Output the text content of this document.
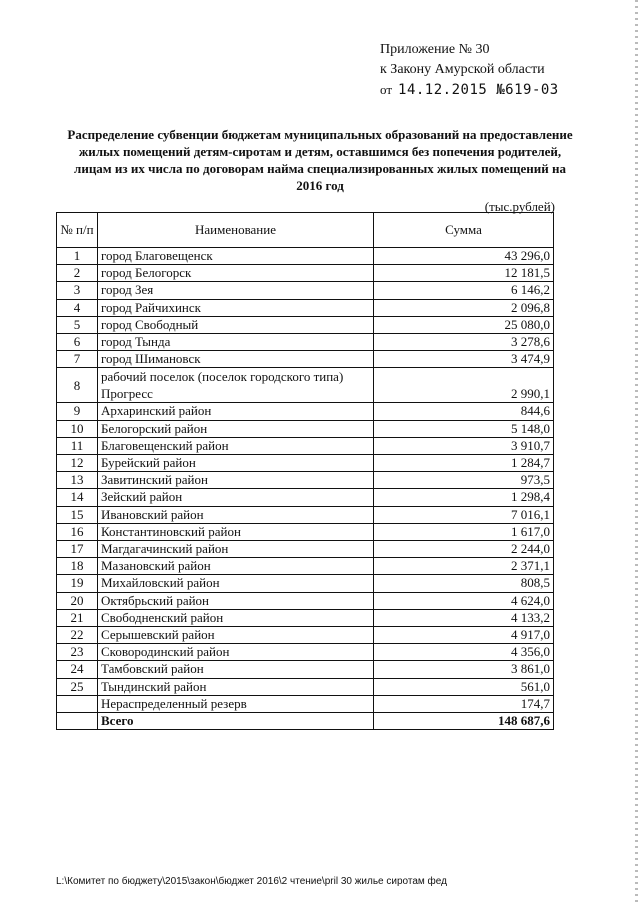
Приложение № 30
к Закону Амурской области
от 14.12.2015 №619-03
Распределение субвенции бюджетам муниципальных образований на предоставление жилых помещений детям-сиротам и детям, оставшимся без попечения родителей, лицам из их числа по договорам найма специализированных жилых помещений на 2016 год
(тыс.рублей)
№ п/п	Наименование	Сумма
1	город Благовещенск	43 296,0
2	город Белогорск	12 181,5
3	город Зея	6 146,2
4	город Райчихинск	2 096,8
5	город Свободный	25 080,0
6	город Тында	3 278,6
7	город Шимановск	3 474,9
8	рабочий поселок (поселок городского типа) Прогресс	2 990,1
9	Архаринский район	844,6
10	Белогорский район	5 148,0
11	Благовещенский район	3 910,7
12	Бурейский район	1 284,7
13	Завитинский район	973,5
14	Зейский район	1 298,4
15	Ивановский район	7 016,1
16	Константиновский район	1 617,0
17	Магдагачинский район	2 244,0
18	Мазановский район	2 371,1
19	Михайловский район	808,5
20	Октябрьский район	4 624,0
21	Свободненский район	4 133,2
22	Серышевский район	4 917,0
23	Сковородинский район	4 356,0
24	Тамбовский район	3 861,0
25	Тындинский район	561,0
	Нераспределенный резерв	174,7
	Всего	148 687,6
L:\Комитет по бюджету\2015\закон\бюджет 2016\2 чтение\pril 30 жилье сиротам фед
